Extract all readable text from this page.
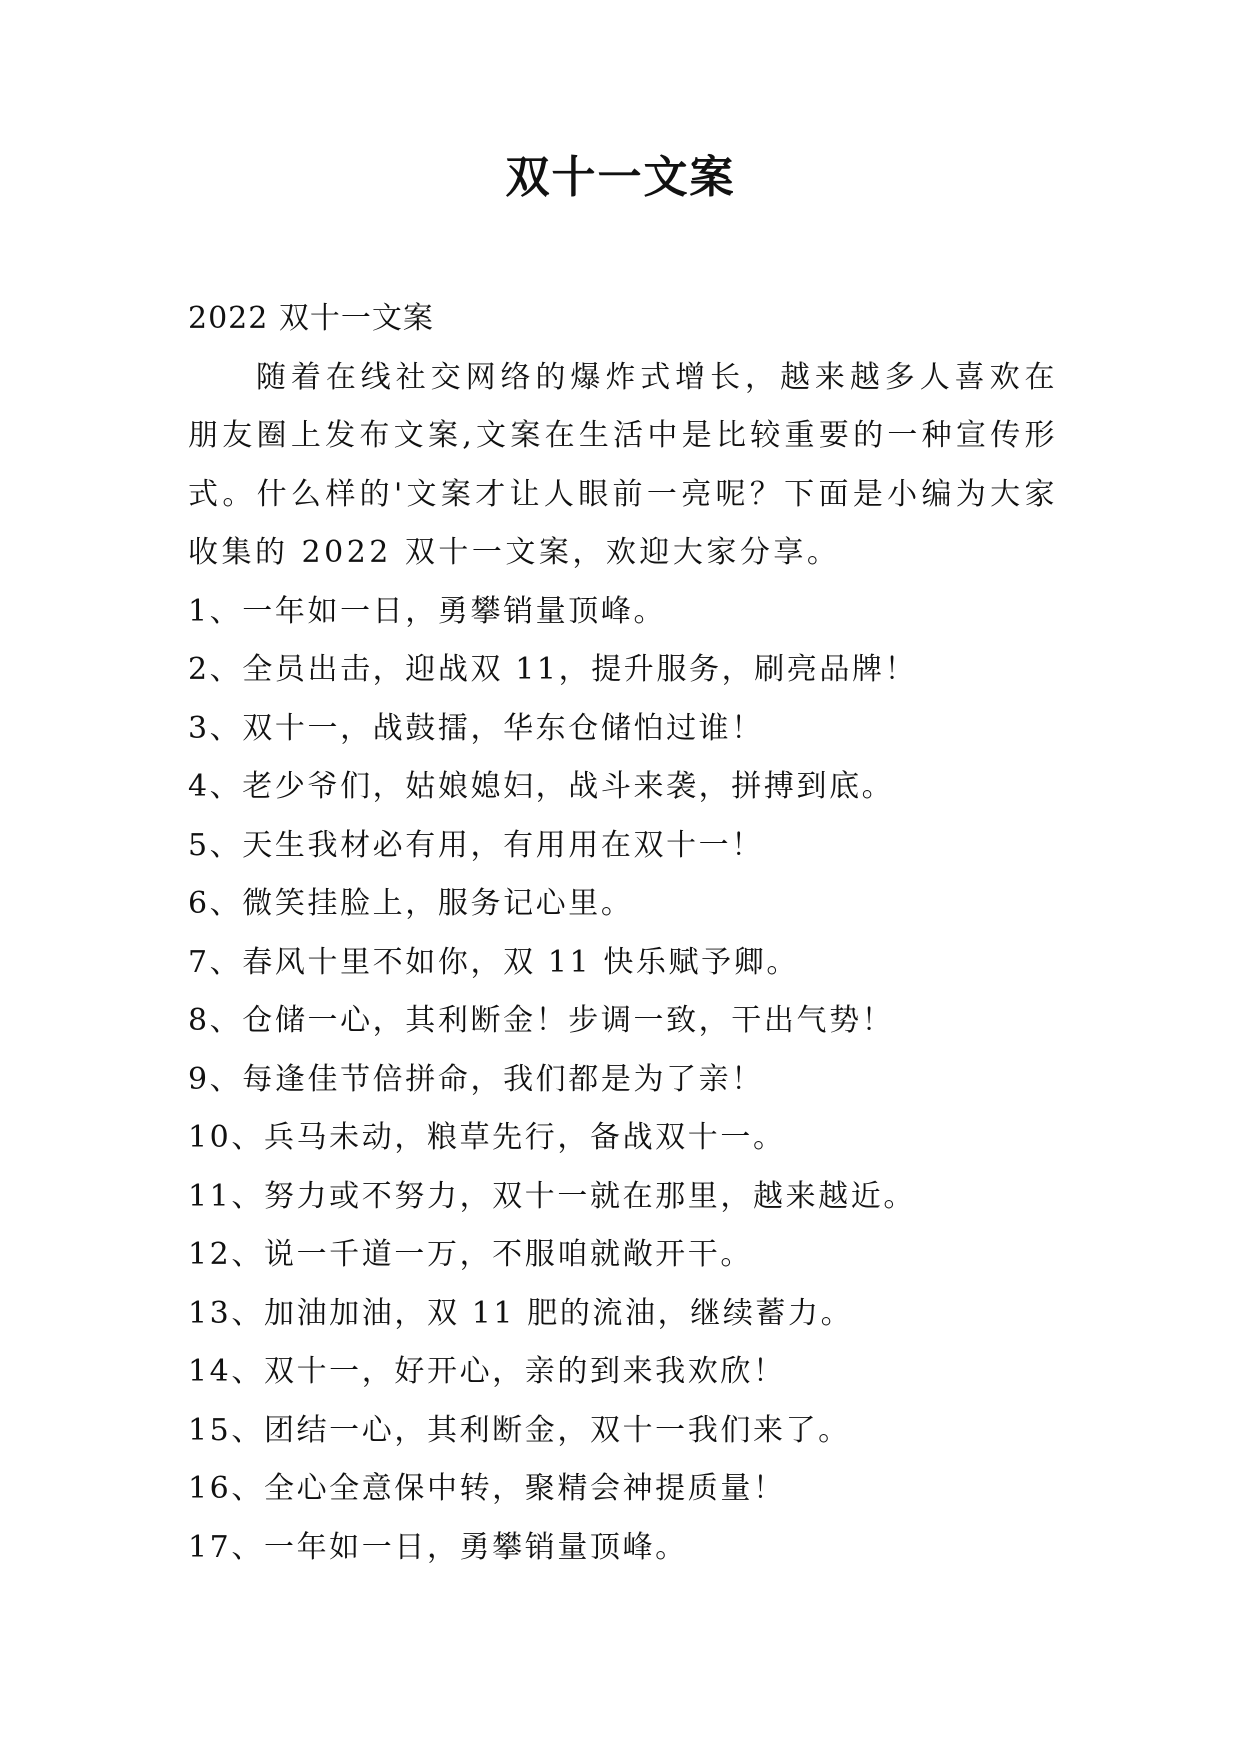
双十一文案

2022 双十一文案

随着在线社交网络的爆炸式增长，越来越多人喜欢在朋友圈上发布文案,文案在生活中是比较重要的一种宣传形式。什么样的'文案才让人眼前一亮呢？下面是小编为大家收集的 2022 双十一文案，欢迎大家分享。

1、一年如一日，勇攀销量顶峰。

2、全员出击，迎战双 11，提升服务，刷亮品牌！

3、双十一，战鼓擂，华东仓储怕过谁！

4、老少爷们，姑娘媳妇，战斗来袭，拼搏到底。

5、天生我材必有用，有用用在双十一！

6、微笑挂脸上，服务记心里。

7、春风十里不如你，双 11 快乐赋予卿。

8、仓储一心，其利断金！步调一致，干出气势！

9、每逢佳节倍拼命，我们都是为了亲！

10、兵马未动，粮草先行，备战双十一。

11、努力或不努力，双十一就在那里，越来越近。

12、说一千道一万，不服咱就敞开干。

13、加油加油，双 11 肥的流油，继续蓄力。

14、双十一，好开心，亲的到来我欢欣！

15、团结一心，其利断金，双十一我们来了。

16、全心全意保中转，聚精会神提质量！

17、一年如一日，勇攀销量顶峰。
